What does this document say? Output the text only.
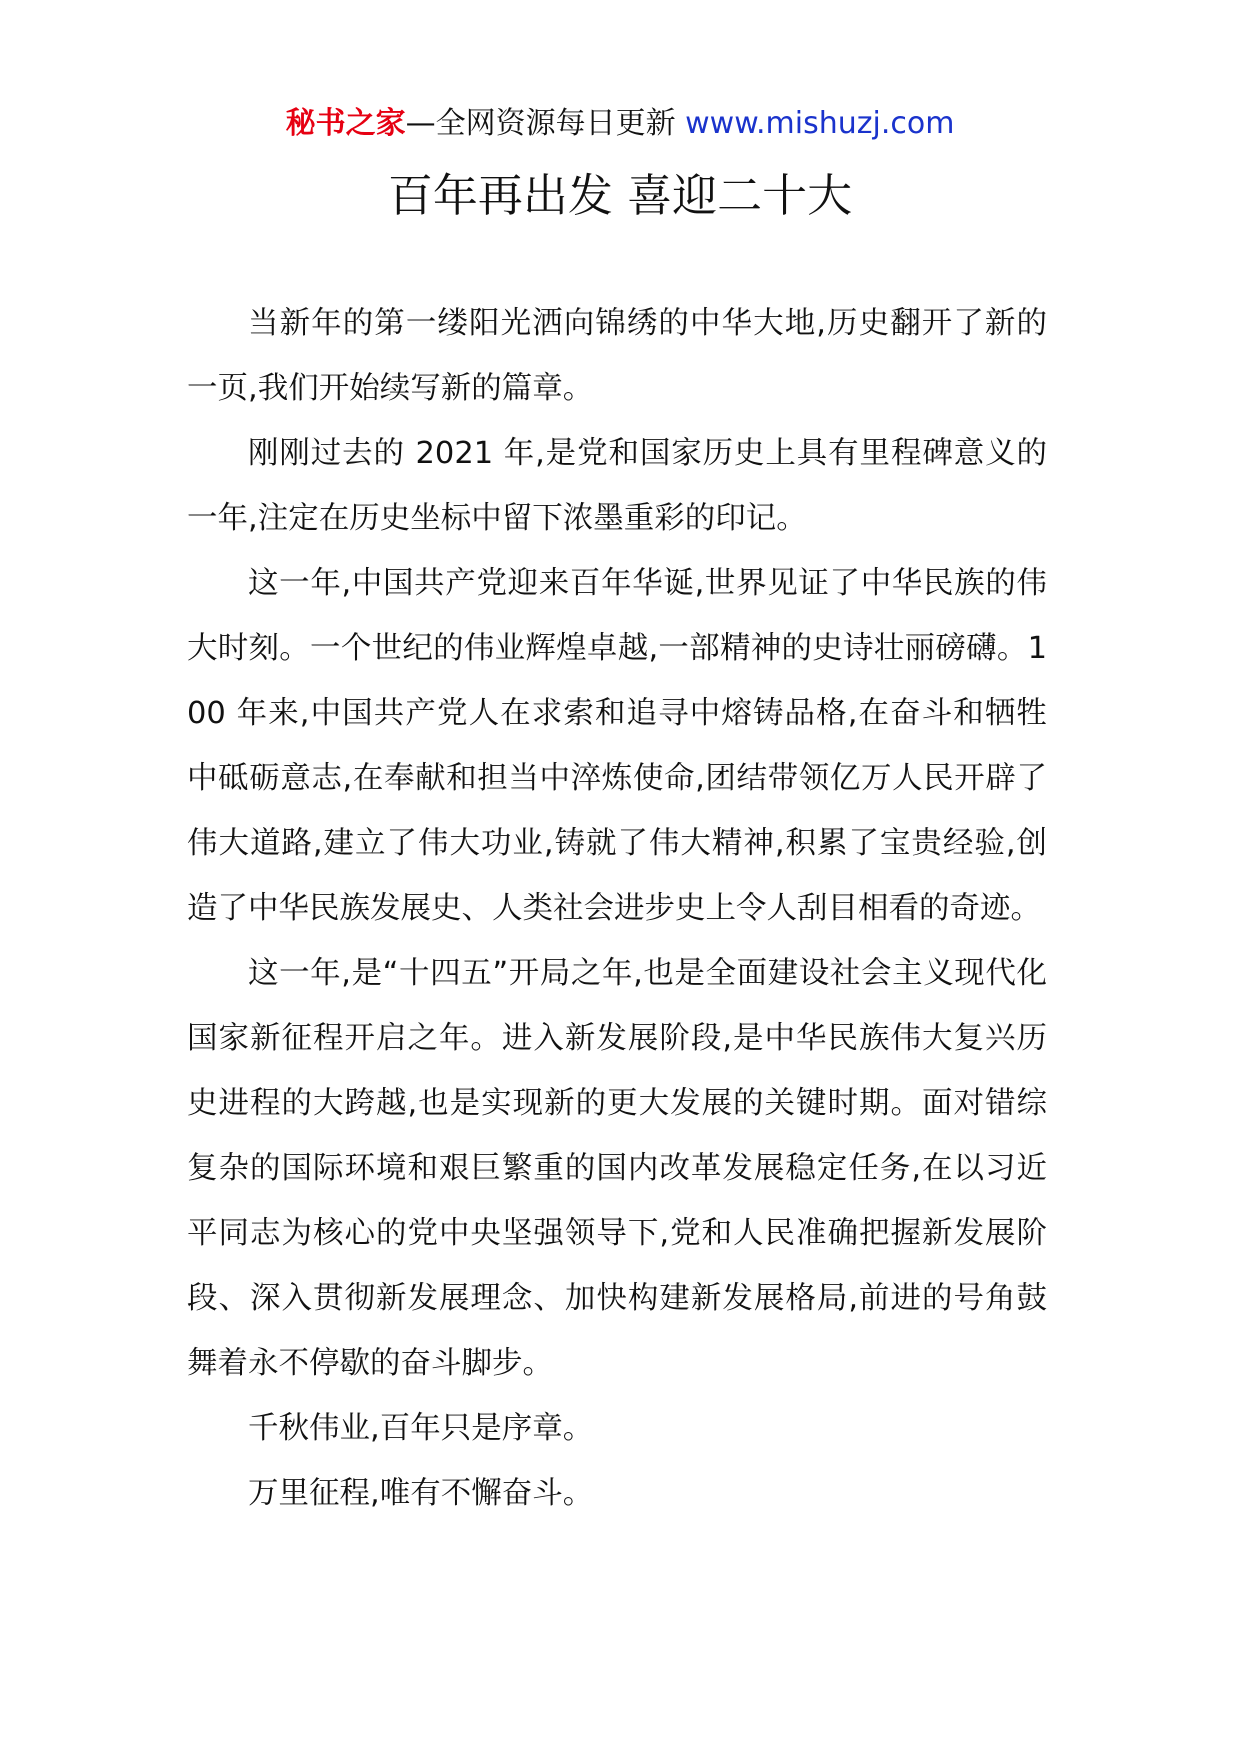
秘书之家—全网资源每日更新 www.mishuzj.com
百年再出发 喜迎二十大

当新年的第一缕阳光洒向锦绣的中华大地,历史翻开了新的一页,我们开始续写新的篇章。

刚刚过去的 2021 年,是党和国家历史上具有里程碑意义的一年,注定在历史坐标中留下浓墨重彩的印记。

这一年,中国共产党迎来百年华诞,世界见证了中华民族的伟大时刻。一个世纪的伟业辉煌卓越,一部精神的史诗壮丽磅礴。100 年来,中国共产党人在求索和追寻中熔铸品格,在奋斗和牺牲中砥砺意志,在奉献和担当中淬炼使命,团结带领亿万人民开辟了伟大道路,建立了伟大功业,铸就了伟大精神,积累了宝贵经验,创造了中华民族发展史、人类社会进步史上令人刮目相看的奇迹。

这一年,是“十四五”开局之年,也是全面建设社会主义现代化国家新征程开启之年。进入新发展阶段,是中华民族伟大复兴历史进程的大跨越,也是实现新的更大发展的关键时期。面对错综复杂的国际环境和艰巨繁重的国内改革发展稳定任务,在以习近平同志为核心的党中央坚强领导下,党和人民准确把握新发展阶段、深入贯彻新发展理念、加快构建新发展格局,前进的号角鼓舞着永不停歇的奋斗脚步。

千秋伟业,百年只是序章。

万里征程,唯有不懈奋斗。
